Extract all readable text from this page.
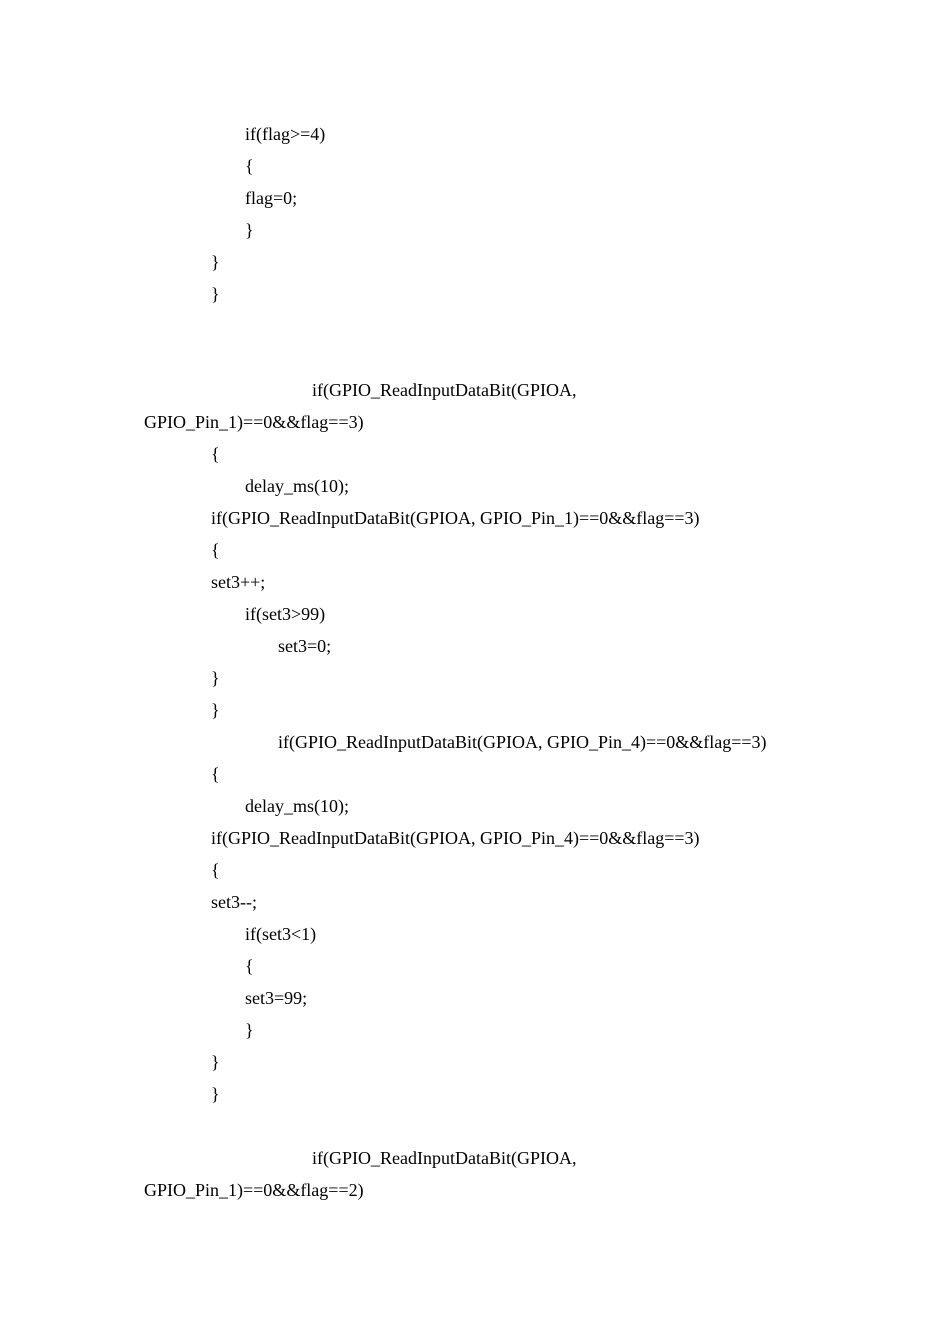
if(flag>=4)
{
flag=0;
}
}
}
if(GPIO_ReadInputDataBit(GPIOA,
GPIO_Pin_1)==0&&flag==3)
{
delay_ms(10);
if(GPIO_ReadInputDataBit(GPIOA, GPIO_Pin_1)==0&&flag==3)
{
set3++;
if(set3>99)
set3=0;
}
}
if(GPIO_ReadInputDataBit(GPIOA, GPIO_Pin_4)==0&&flag==3)
{
delay_ms(10);
if(GPIO_ReadInputDataBit(GPIOA, GPIO_Pin_4)==0&&flag==3)
{
set3--;
if(set3<1)
{
set3=99;
}
}
}
if(GPIO_ReadInputDataBit(GPIOA,
GPIO_Pin_1)==0&&flag==2)
